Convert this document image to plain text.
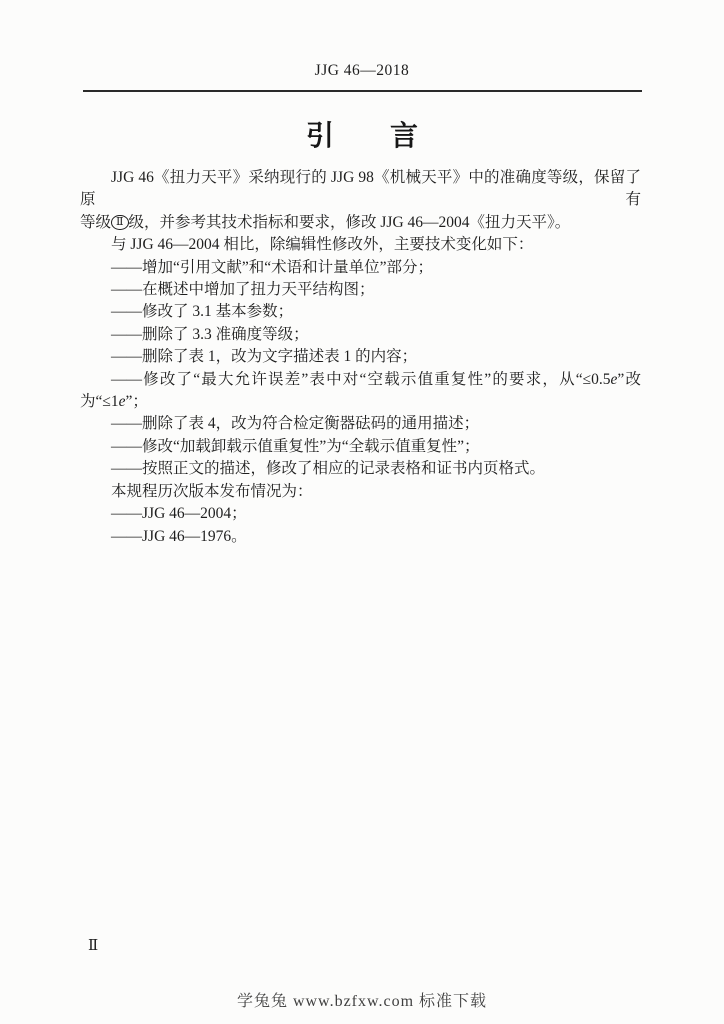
JJG 46—2018
引　　言

JJG 46《扭力天平》采纳现行的 JJG 98《机械天平》中的准确度等级，保留了原有

等级 Ⅱ 级，并参考其技术指标和要求，修改 JJG 46—2004《扭力天平》。

与 JJG 46—2004 相比，除编辑性修改外，主要技术变化如下：

——增加“引用文献”和“术语和计量单位”部分；

——在概述中增加了扭力天平结构图；

——修改了 3.1 基本参数；

——删除了 3.3 准确度等级；

——删除了表 1，改为文字描述表 1 的内容；

——修改了“最大允许误差”表中对“空载示值重复性”的要求，从“≤0.5e”改

为“≤1e”；

——删除了表 4，改为符合检定衡器砝码的通用描述；

——修改“加载卸载示值重复性”为“全载示值重复性”；

——按照正文的描述，修改了相应的记录表格和证书内页格式。

本规程历次版本发布情况为：

——JJG 46—2004；

——JJG 46—1976。

Ⅱ
学兔兔 www.bzfxw.com 标准下载
